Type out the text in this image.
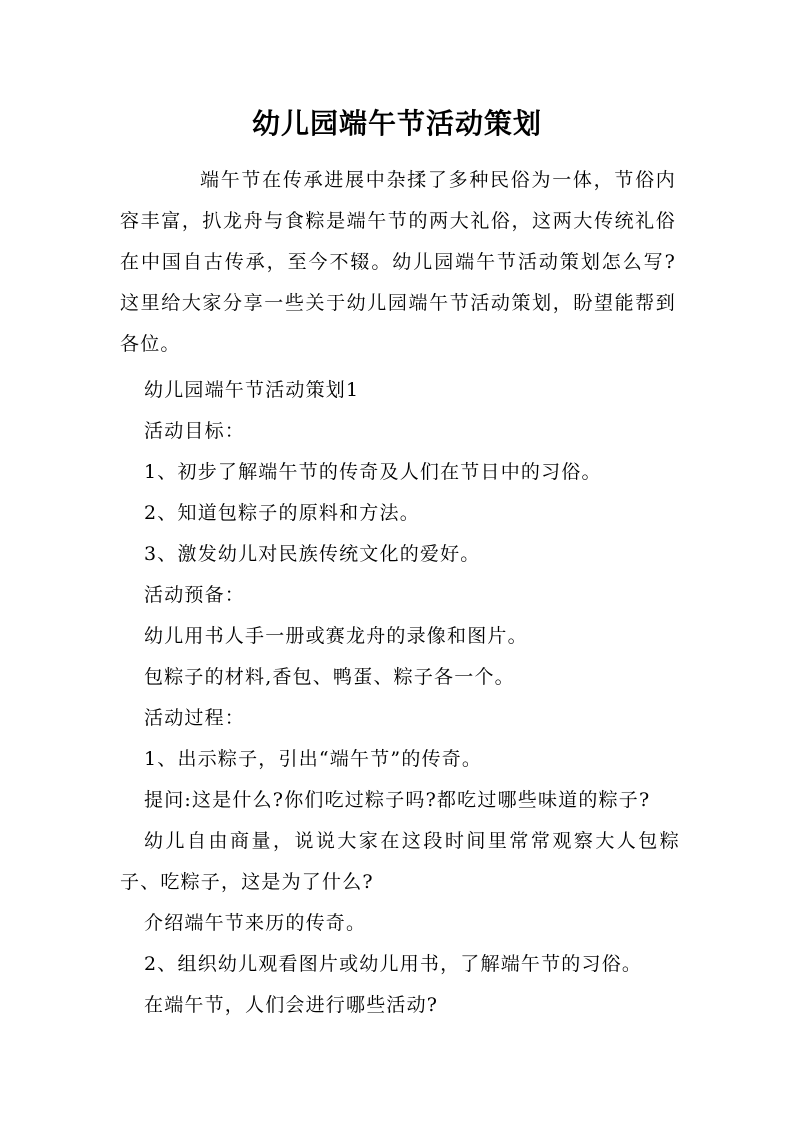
幼儿园端午节活动策划
端午节在传承进展中杂揉了多种民俗为一体，节俗内容丰富，扒龙舟与食粽是端午节的两大礼俗，这两大传统礼俗在中国自古传承，至今不辍。幼儿园端午节活动策划怎么写?这里给大家分享一些关于幼儿园端午节活动策划，盼望能帮到各位。

幼儿园端午节活动策划1

活动目标：

1、初步了解端午节的传奇及人们在节日中的习俗。

2、知道包粽子的原料和方法。

3、激发幼儿对民族传统文化的爱好。

活动预备：

幼儿用书人手一册或赛龙舟的录像和图片。

包粽子的材料,香包、鸭蛋、粽子各一个。

活动过程：

1、出示粽子，引出“端午节”的传奇。

提问:这是什么?你们吃过粽子吗?都吃过哪些味道的粽子?

幼儿自由商量，说说大家在这段时间里常常观察大人包粽子、吃粽子，这是为了什么?

介绍端午节来历的传奇。

2、组织幼儿观看图片或幼儿用书，了解端午节的习俗。

在端午节，人们会进行哪些活动?
